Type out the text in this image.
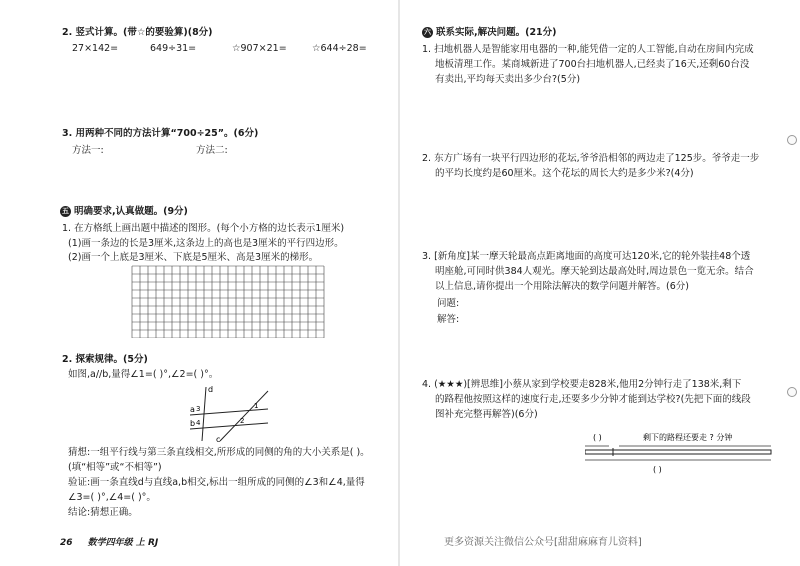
2. 竖式计算。(带☆的要验算)(8分)
27×142=	649÷31=	☆907×21=	☆644÷28=
3. 用两种不同的方法计算“700÷25”。(6分)
方法一:	方法二:
五 明确要求,认真做题。(9分)
1. 在方格纸上画出题中描述的图形。(每个小方格的边长表示1厘米)
(1)画一条边的长是3厘米,这条边上的高也是3厘米的平行四边形。
(2)画一个上底是3厘米、下底是5厘米、高是3厘米的梯形。
2. 探索规律。(5分)
如图,a//b,量得∠1=( )°,∠2=( )°。
d
a
b
c
1
2
3
4
猜想:一组平行线与第三条直线相交,所形成的同侧的角的大小关系是( )。
(填“相等”或“不相等”)
验证:画一条直线d与直线a,b相交,标出一组所成的同侧的∠3和∠4,量得
∠3=( )°,∠4=( )°。
结论:猜想正确。
26 数学四年级 上 RJ
六 联系实际,解决问题。(21分)
1. 扫地机器人是智能家用电器的一种,能凭借一定的人工智能,自动在房间内完成
地板清理工作。某商城新进了700台扫地机器人,已经卖了16天,还剩60台没
有卖出,平均每天卖出多少台?(5分)
2. 东方广场有一块平行四边形的花坛,爷爷沿相邻的两边走了125步。爷爷走一步
的平均长度约是60厘米。这个花坛的周长大约是多少米?(4分)
3. [新角度]某一摩天轮最高点距离地面的高度可达120米,它的轮外装挂48个透
明座舱,可同时供384人观光。摩天轮到达最高处时,周边景色一览无余。结合
以上信息,请你提出一个用除法解决的数学问题并解答。(6分)
问题:
解答:
4. (★★★)[辨思维]小蔡从家到学校要走828米,他用2分钟行走了138米,剩下
的路程他按照这样的速度行走,还要多少分钟才能到达学校?(先把下面的线段
图补充完整再解答)(6分)
更多资源关注微信公众号[甜甜麻麻育儿资料]
( )	剩下的路程还要走 ? 分钟
( )
